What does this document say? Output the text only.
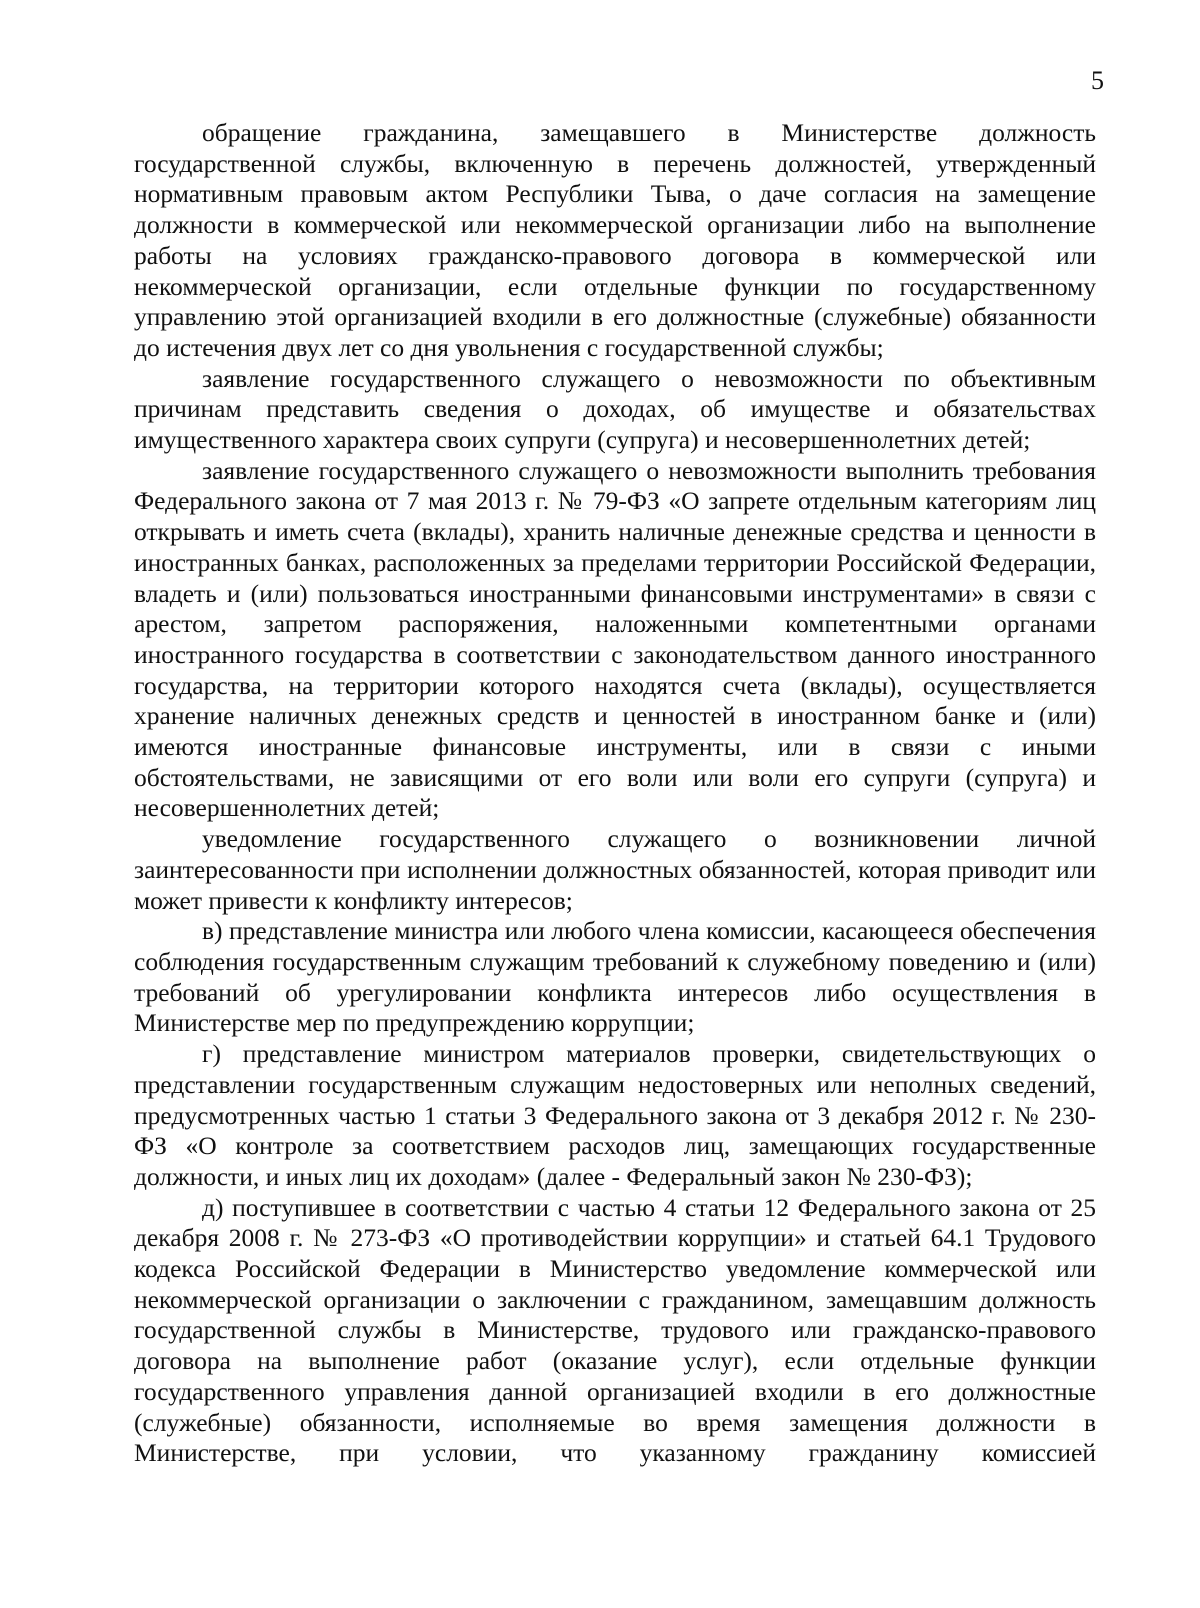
5

обращение гражданина, замещавшего в Министерстве должность государственной службы, включенную в перечень должностей, утвержденный нормативным правовым актом Республики Тыва, о даче согласия на замещение должности в коммерческой или некоммерческой организации либо на выполнение работы на условиях гражданско-правового договора в коммерческой или некоммерческой организации, если отдельные функции по государственному управлению этой организацией входили в его должностные (служебные) обязанности до истечения двух лет со дня увольнения с государственной службы;

заявление государственного служащего о невозможности по объективным причинам представить сведения о доходах, об имуществе и обязательствах имущественного характера своих супруги (супруга) и несовершеннолетних детей;

заявление государственного служащего о невозможности выполнить требования Федерального закона от 7 мая 2013 г. № 79-ФЗ «О запрете отдельным категориям лиц открывать и иметь счета (вклады), хранить наличные денежные средства и ценности в иностранных банках, расположенных за пределами территории Российской Федерации, владеть и (или) пользоваться иностранными финансовыми инструментами» в связи с арестом, запретом распоряжения, наложенными компетентными органами иностранного государства в соответствии с законодательством данного иностранного государства, на территории которого находятся счета (вклады), осуществляется хранение наличных денежных средств и ценностей в иностранном банке и (или) имеются иностранные финансовые инструменты, или в связи с иными обстоятельствами, не зависящими от его воли или воли его супруги (супруга) и несовершеннолетних детей;

уведомление государственного служащего о возникновении личной заинтересованности при исполнении должностных обязанностей, которая приводит или может привести к конфликту интересов;

в) представление министра или любого члена комиссии, касающееся обеспечения соблюдения государственным служащим требований к служебному поведению и (или) требований об урегулировании конфликта интересов либо осуществления в Министерстве мер по предупреждению коррупции;

г) представление министром материалов проверки, свидетельствующих о представлении государственным служащим недостоверных или неполных сведений, предусмотренных частью 1 статьи 3 Федерального закона от 3 декабря 2012 г. № 230-ФЗ «О контроле за соответствием расходов лиц, замещающих государственные должности, и иных лиц их доходам» (далее - Федеральный закон № 230-ФЗ);

д) поступившее в соответствии с частью 4 статьи 12 Федерального закона от 25 декабря 2008 г. № 273-ФЗ «О противодействии коррупции» и статьей 64.1 Трудового кодекса Российской Федерации в Министерство уведомление коммерческой или некоммерческой организации о заключении с гражданином, замещавшим должность государственной службы в Министерстве, трудового или гражданско-правового договора на выполнение работ (оказание услуг), если отдельные функции государственного управления данной организацией входили в его должностные (служебные) обязанности, исполняемые во время замещения должности в Министерстве, при условии, что указанному гражданину комиссией
